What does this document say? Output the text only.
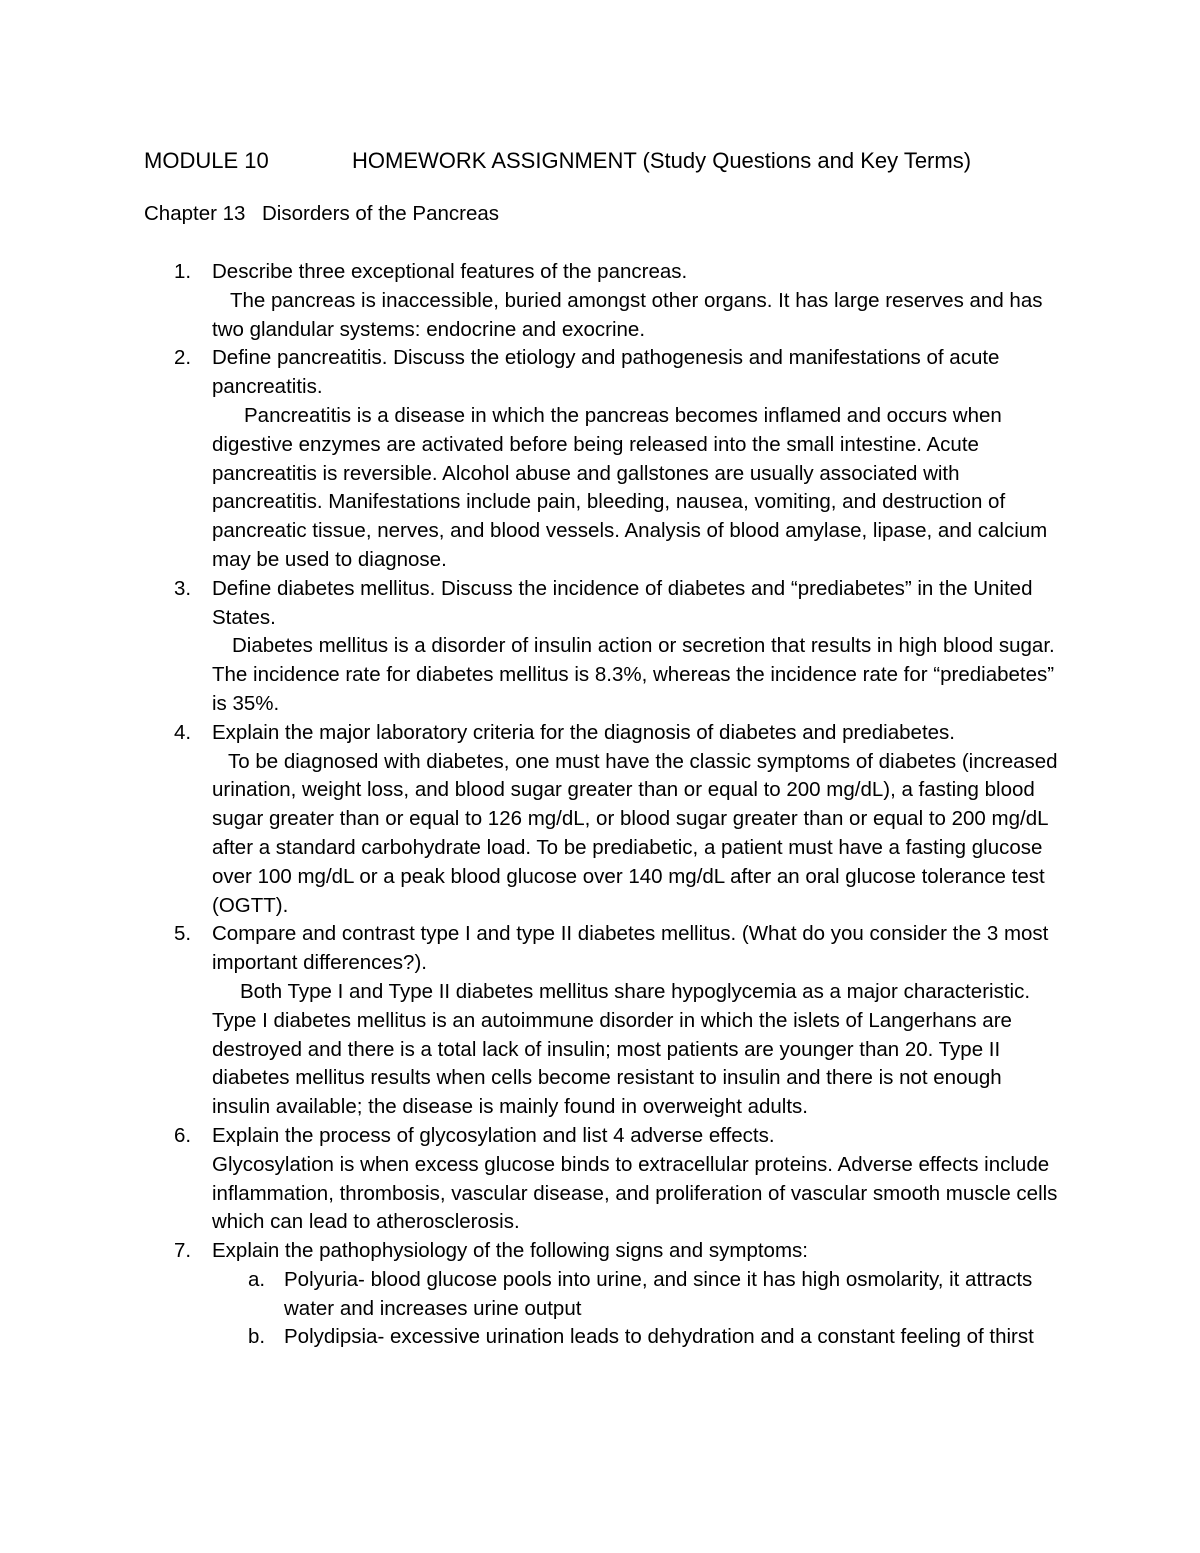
MODULE 10	HOMEWORK ASSIGNMENT (Study Questions and Key Terms)
Chapter 13 Disorders of the Pancreas
1. Describe three exceptional features of the pancreas.
The pancreas is inaccessible, buried amongst other organs. It has large reserves and has two glandular systems: endocrine and exocrine.
2. Define pancreatitis. Discuss the etiology and pathogenesis and manifestations of acute pancreatitis.
Pancreatitis is a disease in which the pancreas becomes inflamed and occurs when digestive enzymes are activated before being released into the small intestine. Acute pancreatitis is reversible. Alcohol abuse and gallstones are usually associated with pancreatitis. Manifestations include pain, bleeding, nausea, vomiting, and destruction of pancreatic tissue, nerves, and blood vessels. Analysis of blood amylase, lipase, and calcium may be used to diagnose.
3. Define diabetes mellitus. Discuss the incidence of diabetes and “prediabetes” in the United States.
Diabetes mellitus is a disorder of insulin action or secretion that results in high blood sugar. The incidence rate for diabetes mellitus is 8.3%, whereas the incidence rate for “prediabetes” is 35%.
4. Explain the major laboratory criteria for the diagnosis of diabetes and prediabetes.
To be diagnosed with diabetes, one must have the classic symptoms of diabetes (increased urination, weight loss, and blood sugar greater than or equal to 200 mg/dL), a fasting blood sugar greater than or equal to 126 mg/dL, or blood sugar greater than or equal to 200 mg/dL after a standard carbohydrate load. To be prediabetic, a patient must have a fasting glucose over 100 mg/dL or a peak blood glucose over 140 mg/dL after an oral glucose tolerance test (OGTT).
5. Compare and contrast type I and type II diabetes mellitus. (What do you consider the 3 most important differences?).
Both Type I and Type II diabetes mellitus share hypoglycemia as a major characteristic. Type I diabetes mellitus is an autoimmune disorder in which the islets of Langerhans are destroyed and there is a total lack of insulin; most patients are younger than 20. Type II diabetes mellitus results when cells become resistant to insulin and there is not enough insulin available; the disease is mainly found in overweight adults.
6. Explain the process of glycosylation and list 4 adverse effects.
Glycosylation is when excess glucose binds to extracellular proteins. Adverse effects include inflammation, thrombosis, vascular disease, and proliferation of vascular smooth muscle cells which can lead to atherosclerosis.
7. Explain the pathophysiology of the following signs and symptoms:
a. Polyuria- blood glucose pools into urine, and since it has high osmolarity, it attracts water and increases urine output
b. Polydipsia- excessive urination leads to dehydration and a constant feeling of thirst
